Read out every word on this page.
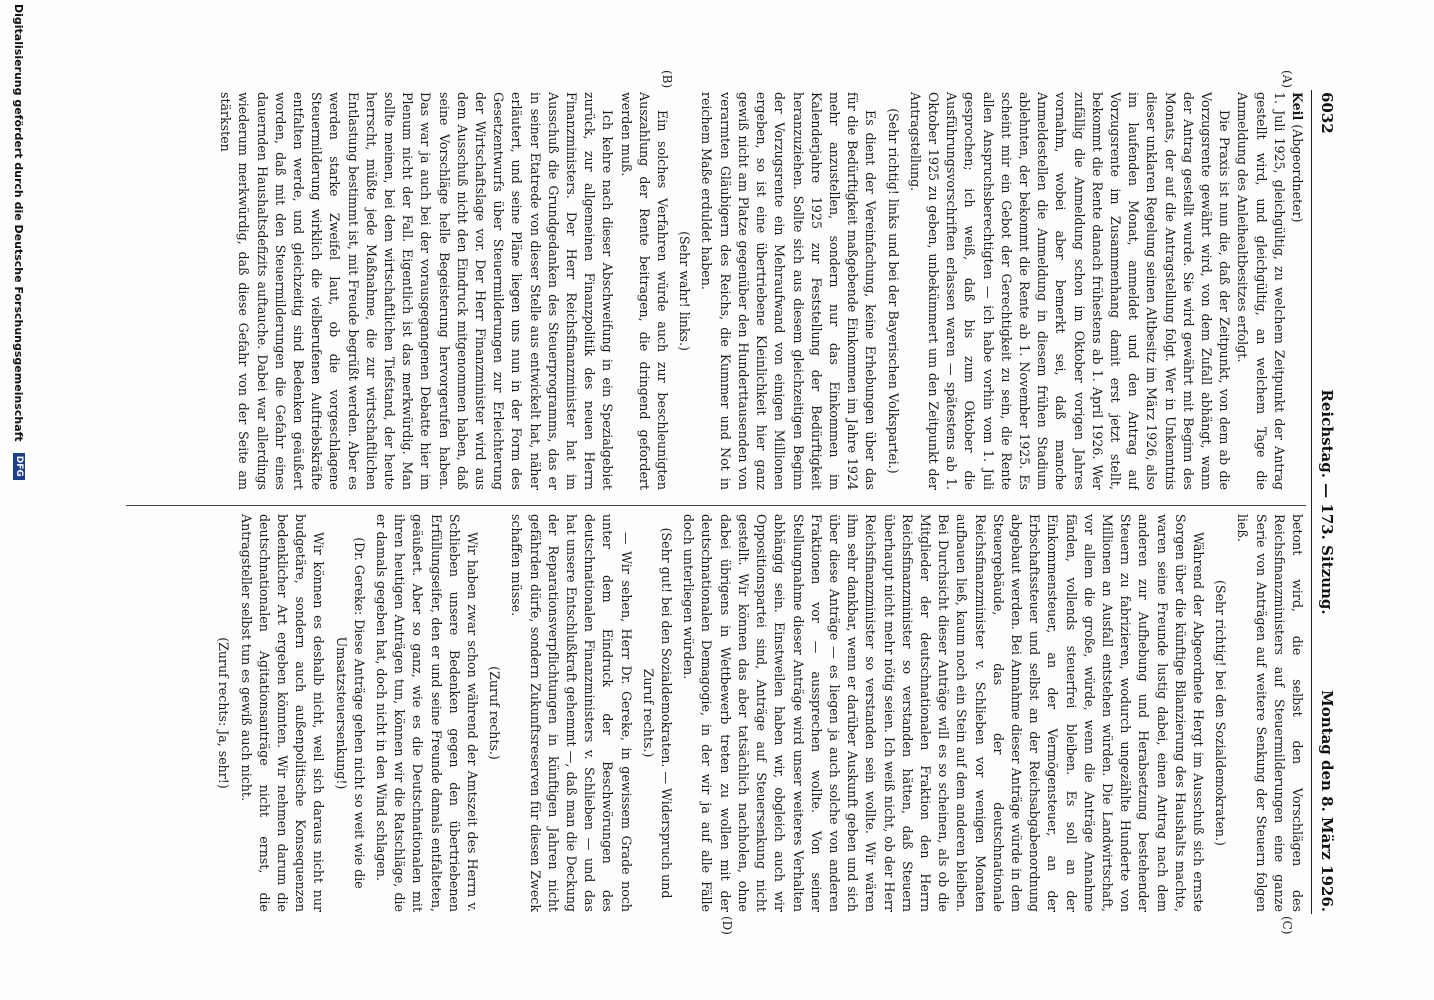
6032
Reichstag. — 173. Sitzung.
Montag den 8. März 1926.
(A)
(B)
(C)
(D)

Keil (Abgeordneter)

1. Juli 1925, gleichgültig, zu welchem Zeitpunkt der Antrag gestellt wird, und gleichgültig, an welchem Tage die Anmeldung des Anleihealtbesitzes erfolgt.

Die Praxis ist nun die, daß der Zeitpunkt, von dem ab die Vorzugsrente gewährt wird, von dem Zufall abhängt, wann der Antrag gestellt wurde. Sie wird gewährt mit Beginn des Monats, der auf die Antragstellung folgt. Wer in Unkenntnis dieser unklaren Regelung seinen Altbesitz im März 1926, also im laufenden Monat, anmeldet und den Antrag auf Vorzugsrente im Zusammenhang damit erst jetzt stellt, bekommt die Rente danach frühestens ab 1. April 1926. Wer zufällig die Anmeldung schon im Oktober vorigen Jahres vornahm, wobei aber bemerkt sei, daß manche Anmeldestellen die Anmeldung in diesem frühen Stadium ablehnten, der bekommt die Rente ab 1. November 1925. Es scheint mir ein Gebot der Gerechtigkeit zu sein, die Rente allen Anspruchsberechtigten — ich habe vorhin vom 1. Juli gesprochen; ich weiß, daß bis zum Oktober die Ausführungsvorschriften erlassen waren — spätestens ab 1. Oktober 1925 zu geben, unbekümmert um den Zeitpunkt der Antragstellung.

(Sehr richtig! links und bei der Bayerischen Volkspartei.)

Es dient der Vereinfachung, keine Erhebungen über das für die Bedürftigkeit maßgebende Einkommen im Jahre 1924 mehr anzustellen, sondern nur das Einkommen im Kalenderjahre 1925 zur Feststellung der Bedürftigkeit heranzuziehen. Sollte sich aus diesem gleichzeitigen Beginn der Vorzugsrente ein Mehraufwand von einigen Millionen ergeben, so ist eine übertriebene Kleinlichkeit hier ganz gewiß nicht am Platze gegenüber den Hunderttausenden von verarmten Gläubigern des Reichs, die Kummer und Not in reichem Maße erduldet haben.

(Sehr wahr! links.)

Ein solches Verfahren würde auch zur beschleunigten Auszahlung der Rente beitragen, die dringend gefordert werden muß.

Ich kehre nach dieser Abschweifung in ein Spezialgebiet zurück, zur allgemeinen Finanzpolitik des neuen Herrn Finanzministers. Der Herr Reichsfinanzminister hat im Ausschuß die Grundgedanken des Steuerprogramms, das er in seiner Etatrede von dieser Stelle aus entwickelt hat, näher erläutert, und seine Pläne liegen uns nun in der Form des Gesetzentwurfs über Steuermilderungen zur Erleichterung der Wirtschaftslage vor. Der Herr Finanzminister wird aus dem Ausschuß nicht den Eindruck mitgenommen haben, daß seine Vorschläge helle Begeisterung hervorgerufen haben. Das war ja auch bei der vorausgegangenen Debatte hier im Plenum nicht der Fall. Eigentlich ist das merkwürdig. Man sollte meinen, bei dem wirtschaftlichen Tiefstand, der heute herrscht, müßte jede Maßnahme, die zur wirtschaftlichen Entlastung bestimmt ist, mit Freude begrüßt werden. Aber es werden starke Zweifel laut, ob die vorgeschlagene Steuermilderung wirklich die vielberufenen Auftriebskräfte entfalten werde, und gleichzeitig sind Bedenken geäußert worden, daß mit den Steuermilderungen die Gefahr eines dauernden Haushaltsdefizits auftauche. Dabei war allerdings wiederum merkwürdig, daß diese Gefahr von der Seite am stärksten

betont wird, die selbst den Vorschlägen des Reichsfinanzministers auf Steuermilderungen eine ganze Serie von Anträgen auf weitere Senkung der Steuern folgen ließ.

(Sehr richtig! bei den Sozialdemokraten.)

Während der Abgeordnete Hergt im Ausschuß sich ernste Sorgen über die künftige Bilanzierung des Haushalts machte, waren seine Freunde lustig dabei, einen Antrag nach dem anderen zur Aufhebung und Herabsetzung bestehender Steuern zu fabrizieren, wodurch ungezählte Hunderte von Millionen an Ausfall entstehen würden. Die Landwirtschaft, vor allem die große, würde, wenn die Anträge Annahme fänden, vollends steuerfrei bleiben. Es soll an der Einkommensteuer, an der Vermögensteuer, an der Erbschaftssteuer und selbst an der Reichsabgabenordnung abgebaut werden. Bei Annahme dieser Anträge würde in dem Steuergebäude, das der deutschnationale Reichsfinanzminister v. Schlieben vor wenigen Monaten aufbauen ließ, kaum noch ein Stein auf dem anderen bleiben. Bei Durchsicht dieser Anträge will es so scheinen, als ob die Mitglieder der deutschnationalen Fraktion den Herrn Reichsfinanzminister so verstanden hätten, daß Steuern überhaupt nicht mehr nötig seien. Ich weiß nicht, ob der Herr Reichsfinanzminister so verstanden sein wollte. Wir wären ihm sehr dankbar, wenn er darüber Auskunft geben und sich über diese Anträge — es liegen ja auch solche von anderen Fraktionen vor — aussprechen wollte. Von seiner Stellungnahme dieser Anträge wird unser weiteres Verhalten abhängig sein. Einstweilen haben wir, obgleich auch wir Oppositionspartei sind, Anträge auf Steuersenkung nicht gestellt. Wir können das aber tatsächlich nachholen, ohne dabei übrigens in Wettbewerb treten zu wollen mit der deutschnationalen Demagogie, in der wir ja auf alle Fälle doch unterliegen würden.

(Sehr gut! bei den Sozialdemokraten. — Widerspruch und Zuruf rechts.)

— Wir sehen, Herr Dr. Gereke, in gewissem Grade noch unter dem Eindruck der Beschwörungen des deutschnationalen Finanzministers v. Schlieben — und das hat unsere Entschlußkraft gehemmt —, daß man die Deckung der Reparationsverpflichtungen in künftigen Jahren nicht gefährden dürfe, sondern Zukunftsreserven für diesen Zweck schaffen müsse.

(Zuruf rechts.)

Wir haben zwar schon während der Amtszeit des Herrn v. Schlieben unsere Bedenken gegen den übertriebenen Erfüllungseifer, den er und seine Freunde damals entfalteten, geäußert. Aber so ganz, wie es die Deutschnationalen mit ihren heutigen Anträgen tun, können wir die Ratschläge, die er damals gegeben hat, doch nicht in den Wind schlagen.

(Dr. Gereke: Diese Anträge gehen nicht so weit wie die Umsatzsteuersenkung!)

Wir können es deshalb nicht, weil sich daraus nicht nur budgetäre, sondern auch außenpolitische Konsequenzen bedenklicher Art ergeben könnten. Wir nehmen darum die deutschnationalen Agitationsanträge nicht ernst, die Antragsteller selbst tun es gewiß auch nicht.

(Zuruf rechts: Ja, sehr!)

Digitalisierung gefördert durch die Deutsche Forschungsgemeinschaft DFG
